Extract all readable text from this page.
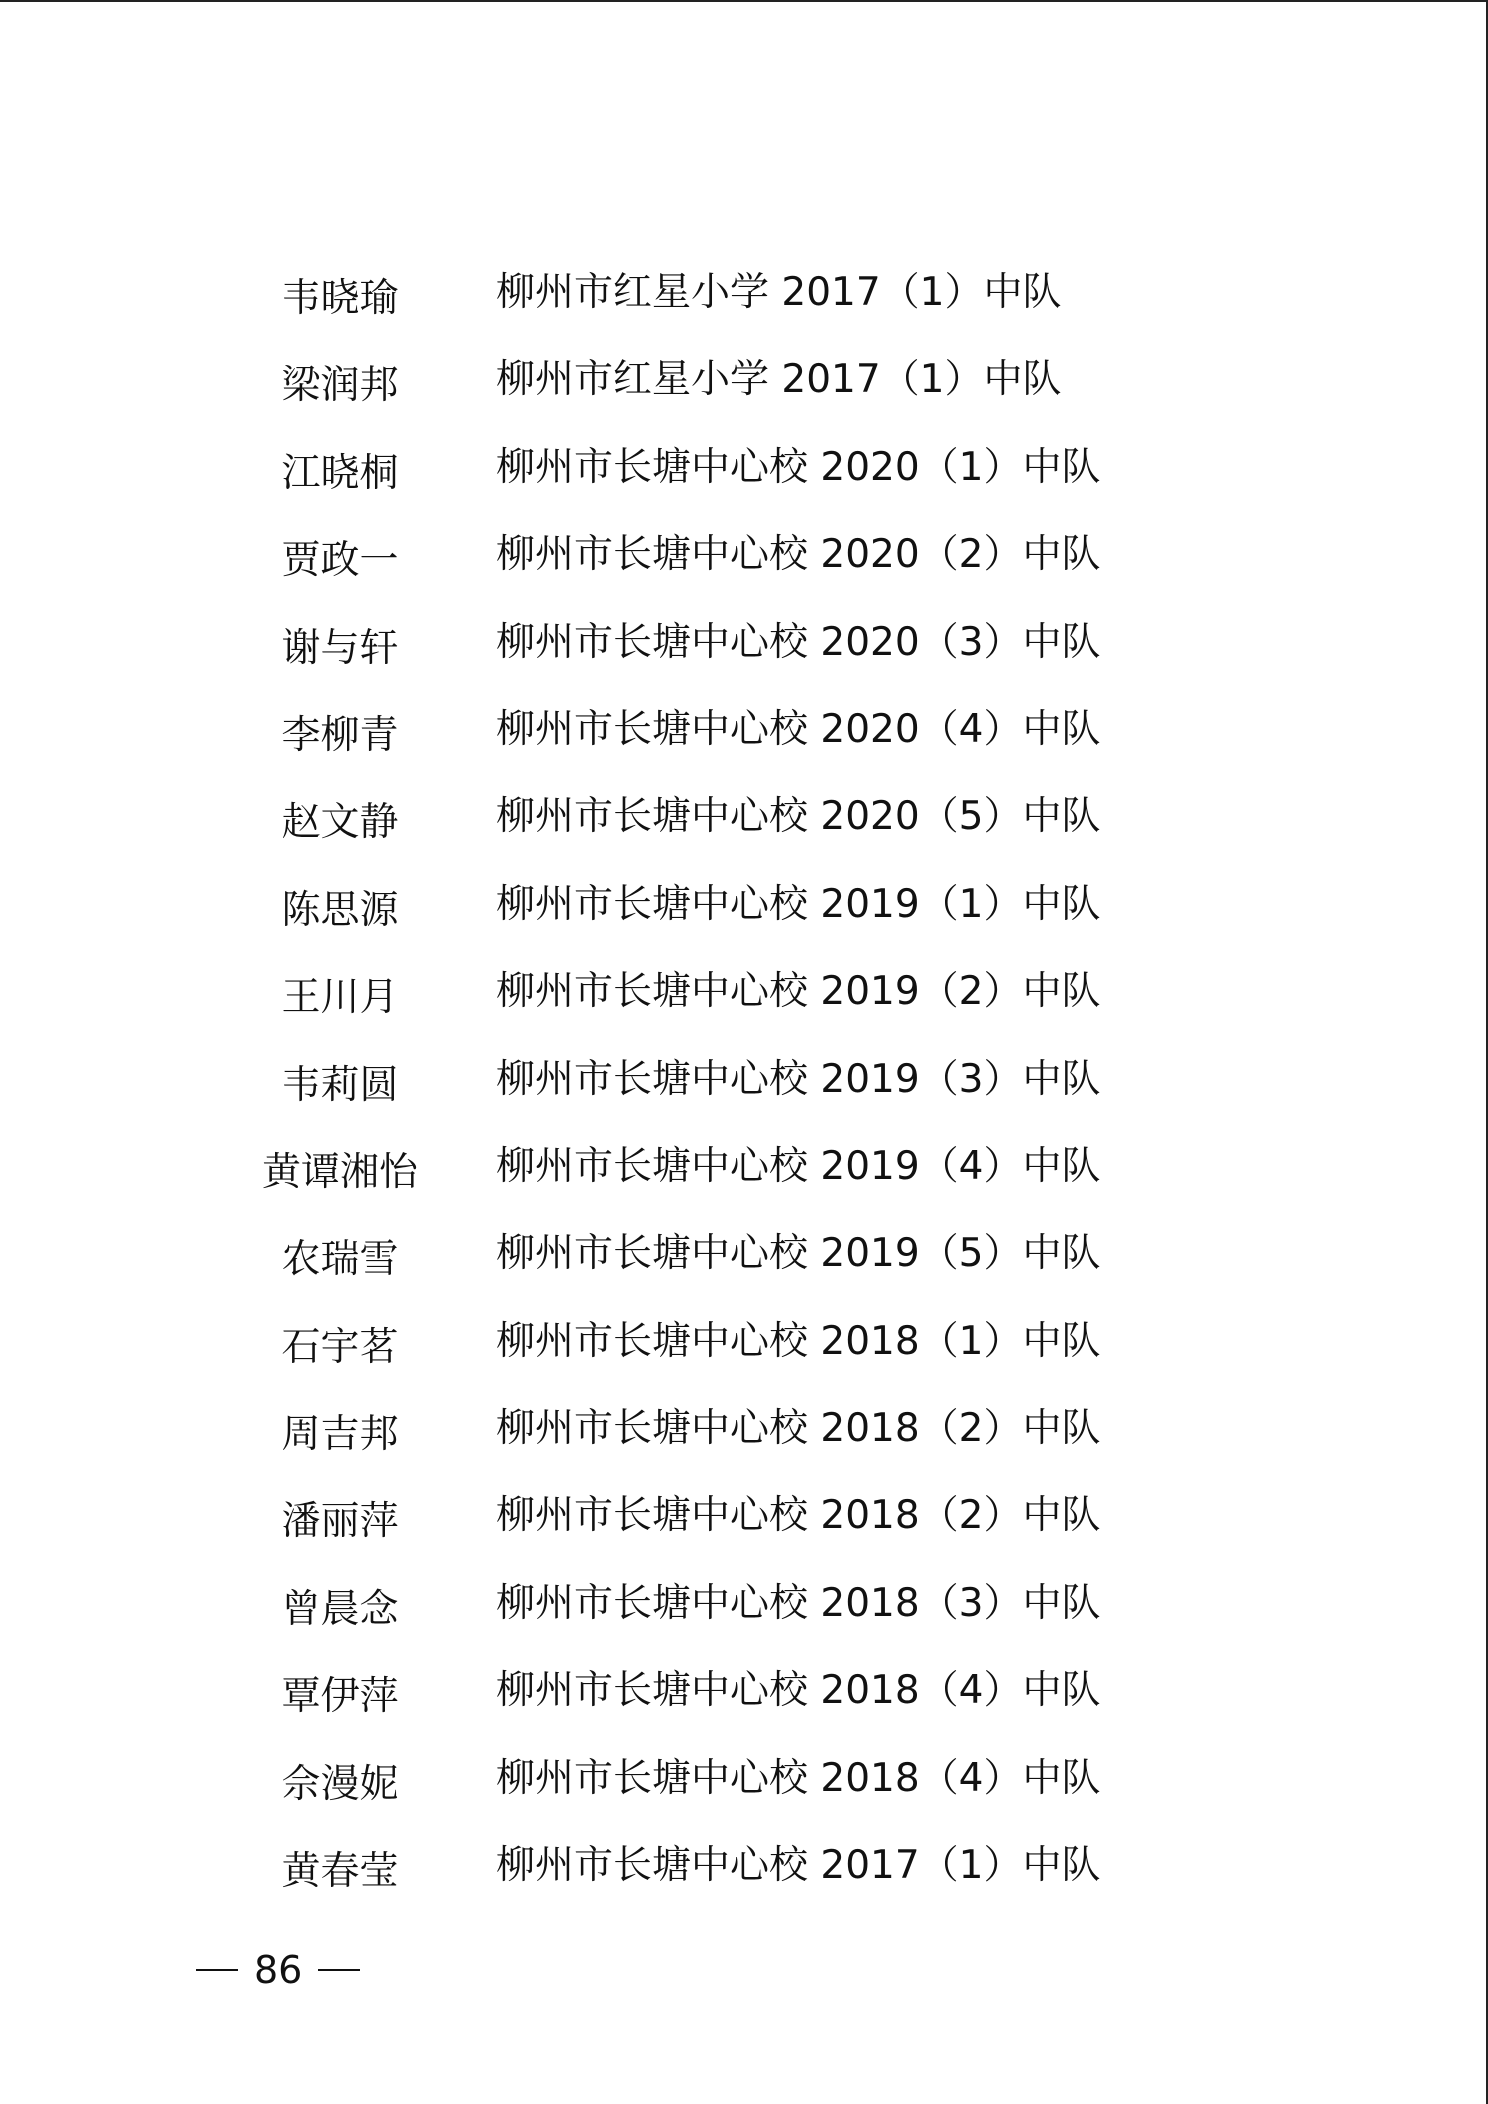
韦晓瑜	柳州市红星小学 2017（1）中队
梁润邦	柳州市红星小学 2017（1）中队
江晓桐	柳州市长塘中心校 2020（1）中队
贾政一	柳州市长塘中心校 2020（2）中队
谢与轩	柳州市长塘中心校 2020（3）中队
李柳青	柳州市长塘中心校 2020（4）中队
赵文静	柳州市长塘中心校 2020（5）中队
陈思源	柳州市长塘中心校 2019（1）中队
王川月	柳州市长塘中心校 2019（2）中队
韦莉圆	柳州市长塘中心校 2019（3）中队
黄谭湘怡	柳州市长塘中心校 2019（4）中队
农瑞雪	柳州市长塘中心校 2019（5）中队
石宇茗	柳州市长塘中心校 2018（1）中队
周吉邦	柳州市长塘中心校 2018（2）中队
潘丽萍	柳州市长塘中心校 2018（2）中队
曾晨念	柳州市长塘中心校 2018（3）中队
覃伊萍	柳州市长塘中心校 2018（4）中队
佘漫妮	柳州市长塘中心校 2018（4）中队
黄春莹	柳州市长塘中心校 2017（1）中队
86
